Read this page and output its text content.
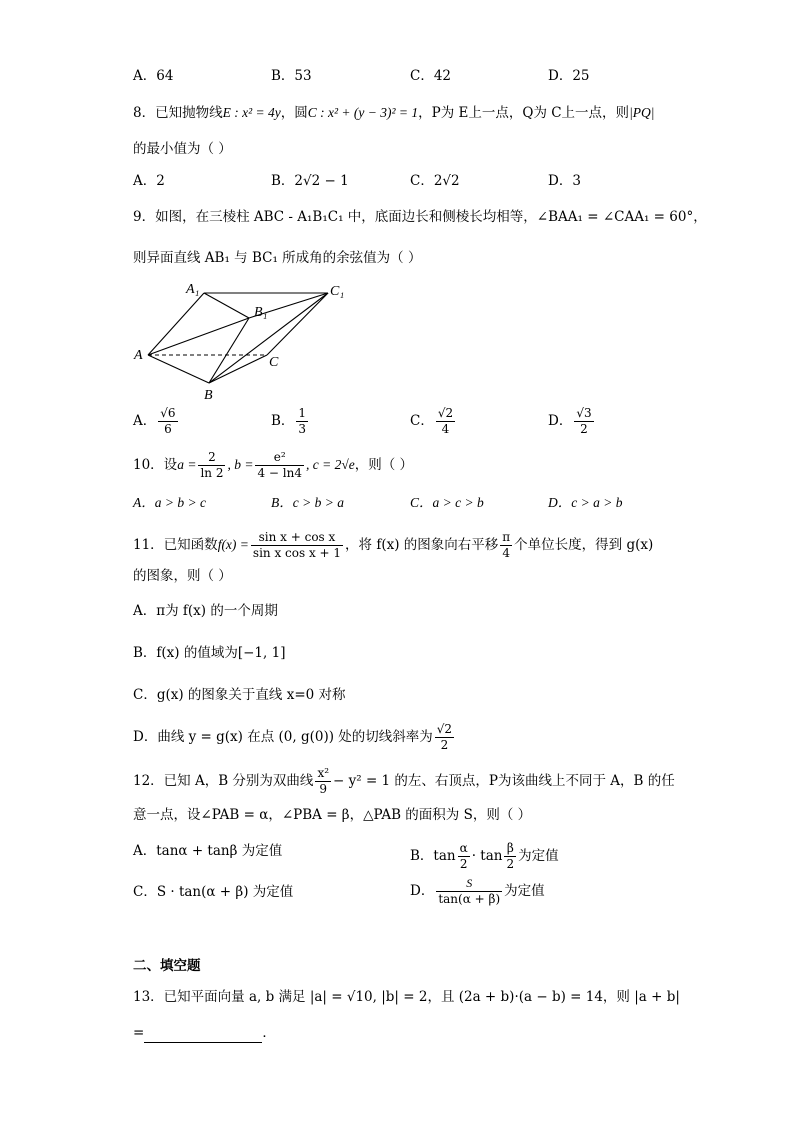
A．64	B．53	C．42	D．25
8．已知抛物线E : x² = 4y，圆C : x² + (y − 3)² = 1，P为 E上一点，Q为 C上一点，则|PQ|
的最小值为（ ）
A．2	B．2√2 − 1	C．2√2	D．3
9．如图，在三棱柱 ABC - A₁B₁C₁ 中，底面边长和侧棱长均相等，∠BAA₁ = ∠CAA₁ = 60°，
则异面直线 AB₁ 与 BC₁ 所成角的余弦值为（ ）
A₁
B₁
C₁
A
B
C
A． $\frac{√6}{6}$	B． $\frac{1}{3}$	C． $\frac{√2}{4}$	D． $\frac{√3}{2}$
10．设$a = \frac{2}{\ln 2}$ , $b = \frac{\text{e²}}{4 - \ln 4}$ , c = 2√e，则（ ）
A．a > b > c	B．c > b > a	C．a > c > b	D．c > a > b
11．已知函数$f(x) = \frac{\text{sin x + cos x}}{\text{sin x cos x + 1}}$ ，将 f(x) 的图象向右平移 $\frac{\pi}{4}$ 个单位长度，得到 g(x)
的图象，则（ ）
A．π为 f(x) 的一个周期
B．f(x) 的值域为[−1, 1]
C．g(x) 的图象关于直线 x=0 对称
D．曲线 y = g(x) 在点 (0, g(0)) 处的切线斜率为 $\frac{√2}{2}$
12．已知 A，B 分别为双曲线 $\frac{\text{x²}}{9} - y^2 = 1$ 的左、右顶点，P为该曲线上不同于 A，B 的任
意一点，设∠PAB = α，∠PBA = β，△PAB 的面积为 S，则（ ）
A．tanα + tanβ 为定值	B．$\tan \frac{\alpha}{2} \cdot \tan \frac{\beta}{2}$ 为定值
C．S · tan(α + β) 为定值	D． $\frac{S}{\tan(\alpha + \beta)}$ 为定值
二、填空题
13．已知平面向量 a, b 满足 |a| = √10, |b| = 2，且 (2a + b)·(a − b) = 14，则 |a + b|
=	．
